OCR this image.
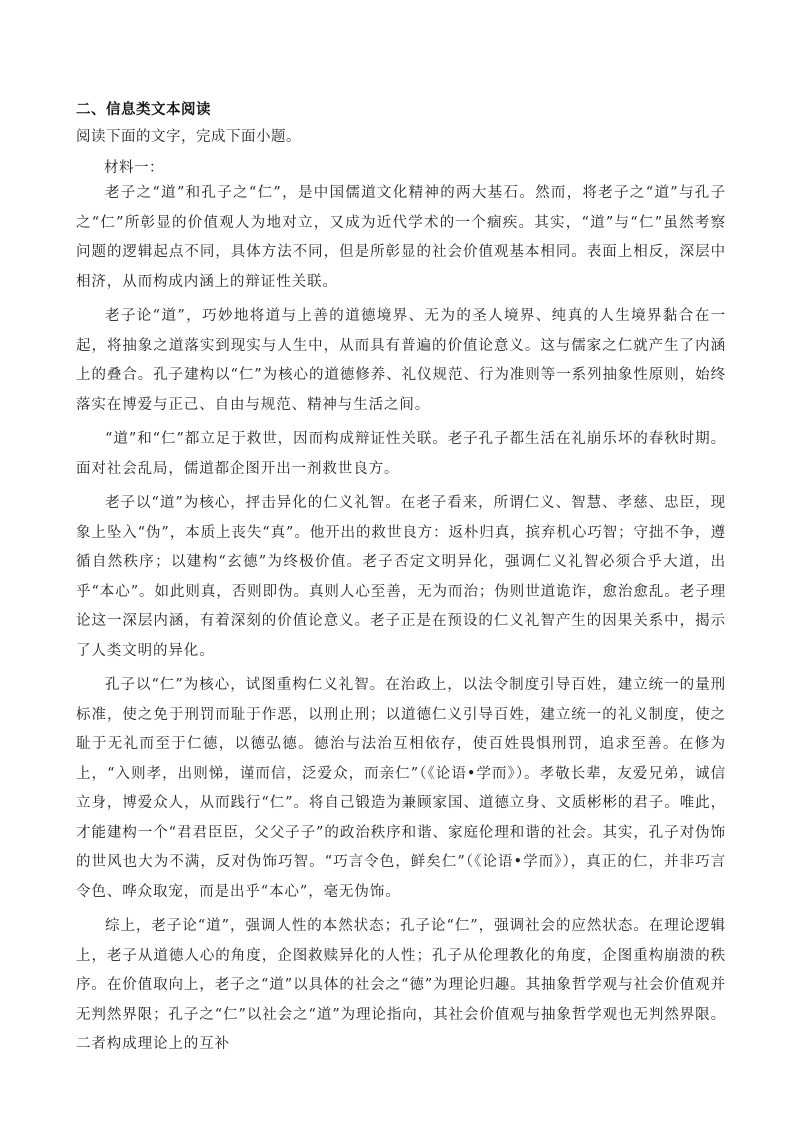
二、信息类文本阅读
阅读下面的文字，完成下面小题。
材料一：

老子之“道”和孔子之“仁”，是中国儒道文化精神的两大基石。然而，将老子之“道”与孔子之“仁”所彰显的价值观人为地对立，又成为近代学术的一个痼疾。其实，“道”与“仁”虽然考察问题的逻辑起点不同，具体方法不同，但是所彰显的社会价值观基本相同。表面上相反，深层中相济，从而构成内涵上的辩证性关联。

老子论“道”，巧妙地将道与上善的道德境界、无为的圣人境界、纯真的人生境界黏合在一起，将抽象之道落实到现实与人生中，从而具有普遍的价值论意义。这与儒家之仁就产生了内涵上的叠合。孔子建构以“仁”为核心的道德修养、礼仪规范、行为准则等一系列抽象性原则，始终落实在博爱与正己、自由与规范、精神与生活之间。

“道”和“仁”都立足于救世，因而构成辩证性关联。老子孔子都生活在礼崩乐坏的春秋时期。面对社会乱局，儒道都企图开出一剂救世良方。

老子以“道”为核心，抨击异化的仁义礼智。在老子看来，所谓仁义、智慧、孝慈、忠臣，现象上坠入“伪”，本质上丧失“真”。他开出的救世良方：返朴归真，摈弃机心巧智；守拙不争，遵循自然秩序；以建构“玄德”为终极价值。老子否定文明异化，强调仁义礼智必须合乎大道，出乎“本心”。如此则真，否则即伪。真则人心至善，无为而治；伪则世道诡诈，愈治愈乱。老子理论这一深层内涵，有着深刻的价值论意义。老子正是在预设的仁义礼智产生的因果关系中，揭示了人类文明的异化。

孔子以“仁”为核心，试图重构仁义礼智。在治政上，以法令制度引导百姓，建立统一的量刑标准，使之免于刑罚而耻于作恶，以刑止刑；以道德仁义引导百姓，建立统一的礼义制度，使之耻于无礼而至于仁德，以德弘德。德治与法治互相依存，使百姓畏惧刑罚，追求至善。在修为上，“入则孝，出则悌，谨而信，泛爱众，而亲仁”（《论语•学而》）。孝敬长辈，友爱兄弟，诚信立身，博爱众人，从而践行“仁”。将自己锻造为兼顾家国、道德立身、文质彬彬的君子。唯此，才能建构一个“君君臣臣，父父子子”的政治秩序和谐、家庭伦理和谐的社会。其实，孔子对伪饰的世风也大为不满，反对伪饰巧智。“巧言令色，鲜矣仁”（《论语•学而》），真正的仁，并非巧言令色、哗众取宠，而是出乎“本心”，毫无伪饰。

综上，老子论“道”，强调人性的本然状态；孔子论“仁”，强调社会的应然状态。在理论逻辑上，老子从道德人心的角度，企图救赎异化的人性；孔子从伦理教化的角度，企图重构崩溃的秩序。在价值取向上，老子之“道”以具体的社会之“德”为理论归趣。其抽象哲学观与社会价值观并无判然界限；孔子之“仁”以社会之“道”为理论指向，其社会价值观与抽象哲学观也无判然界限。二者构成理论上的互补
